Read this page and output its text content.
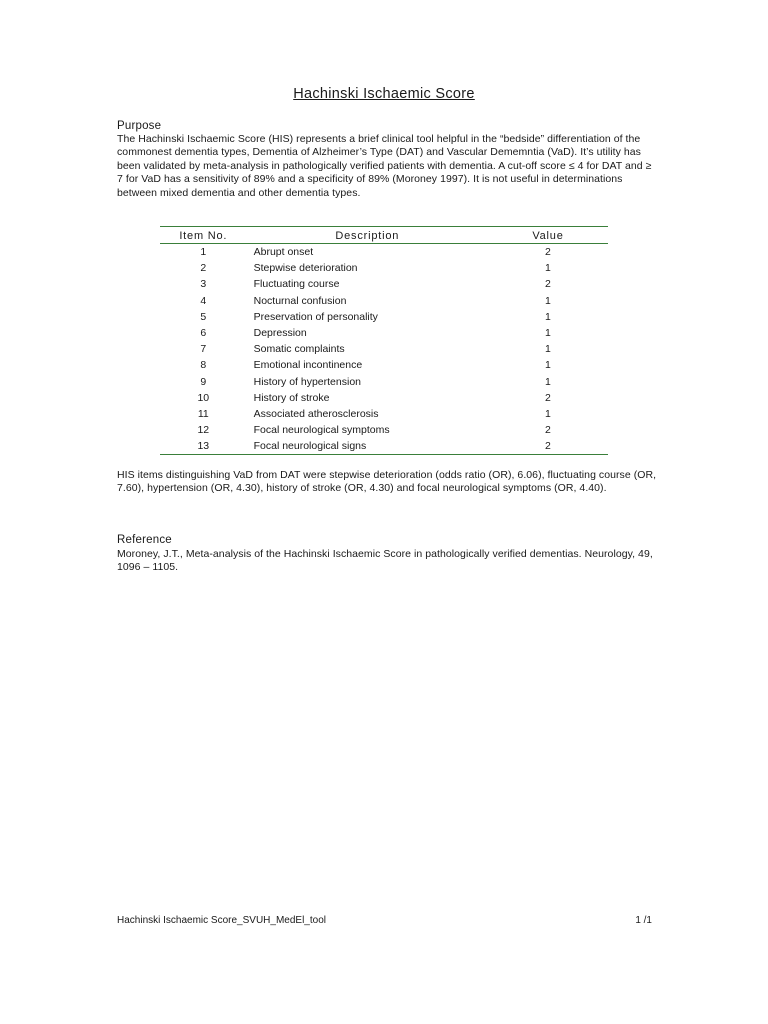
Hachinski Ischaemic Score
Purpose
The Hachinski Ischaemic Score (HIS) represents a brief clinical tool helpful in the “bedside” differentiation of the commonest dementia types, Dementia of Alzheimer’s Type (DAT) and Vascular Dememntia (VaD). It’s utility has been validated by meta-analysis in pathologically verified patients with dementia. A cut-off score ≤ 4 for DAT and ≥ 7 for VaD has a sensitivity of 89% and a specificity of 89% (Moroney 1997). It is not useful in determinations between mixed dementia and other dementia types.
Item No.	Description	Value
1	Abrupt onset	2
2	Stepwise deterioration	1
3	Fluctuating course	2
4	Nocturnal confusion	1
5	Preservation of personality	1
6	Depression	1
7	Somatic complaints	1
8	Emotional incontinence	1
9	History of hypertension	1
10	History of stroke	2
11	Associated atherosclerosis	1
12	Focal neurological symptoms	2
13	Focal neurological signs	2
HIS items distinguishing VaD from DAT were stepwise deterioration (odds ratio (OR), 6.06), fluctuating course (OR, 7.60), hypertension (OR, 4.30), history of stroke (OR, 4.30) and focal neurological symptoms (OR, 4.40).
Reference
Moroney, J.T., Meta-analysis of the Hachinski Ischaemic Score in pathologically verified dementias. Neurology, 49, 1096 – 1105.
Hachinski Ischaemic Score_SVUH_MedEl_tool	1 /1
